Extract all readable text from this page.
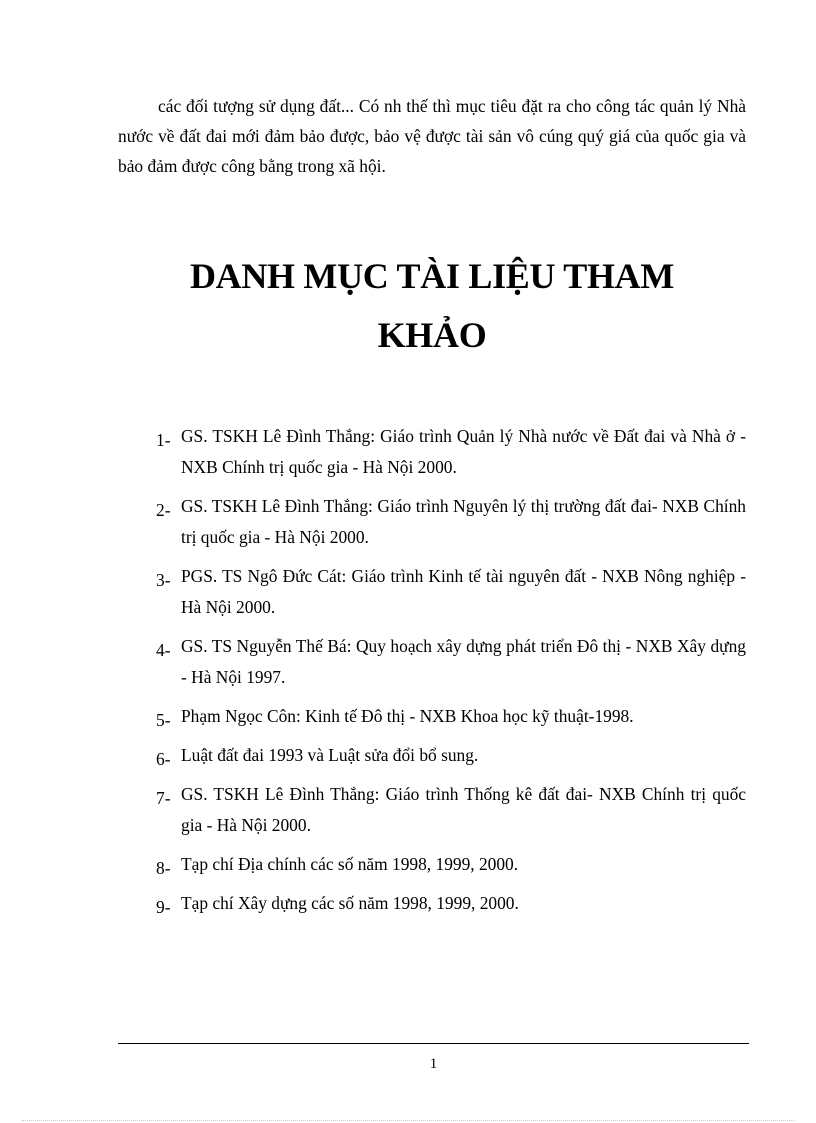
các đối tượng sử dụng đất... Có nh thế thì mục tiêu đặt ra cho công tác quản lý Nhà nước về đất đai mới đảm bảo được, bảo vệ được tài sản vô cúng quý giá của quốc gia và bảo đảm được công bằng trong xã hội.

DANH MỤC TÀI LIỆU THAM
KHẢO
1- GS. TSKH Lê Đình Thắng: Giáo trình Quản lý Nhà nước về Đất đai và Nhà ở - NXB Chính trị quốc gia - Hà Nội 2000.
2- GS. TSKH Lê Đình Thắng: Giáo trình Nguyên lý thị trường đất đai- NXB Chính trị quốc gia - Hà Nội 2000.
3- PGS. TS Ngô Đức Cát: Giáo trình Kinh tế tài nguyên đất - NXB Nông nghiệp - Hà Nội 2000.
4- GS. TS Nguyễn Thế Bá: Quy hoạch xây dựng phát triển Đô thị - NXB Xây dựng - Hà Nội 1997.
5- Phạm Ngọc Côn: Kinh tế Đô thị - NXB Khoa học kỹ thuật-1998.
6- Luật đất đai 1993 và Luật sửa đổi bổ sung.
7- GS. TSKH Lê Đình Thắng: Giáo trình Thống kê đất đai- NXB Chính trị quốc gia - Hà Nội 2000.
8- Tạp chí Địa chính các số năm 1998, 1999, 2000.
9- Tạp chí Xây dựng các số năm 1998, 1999, 2000.
1
